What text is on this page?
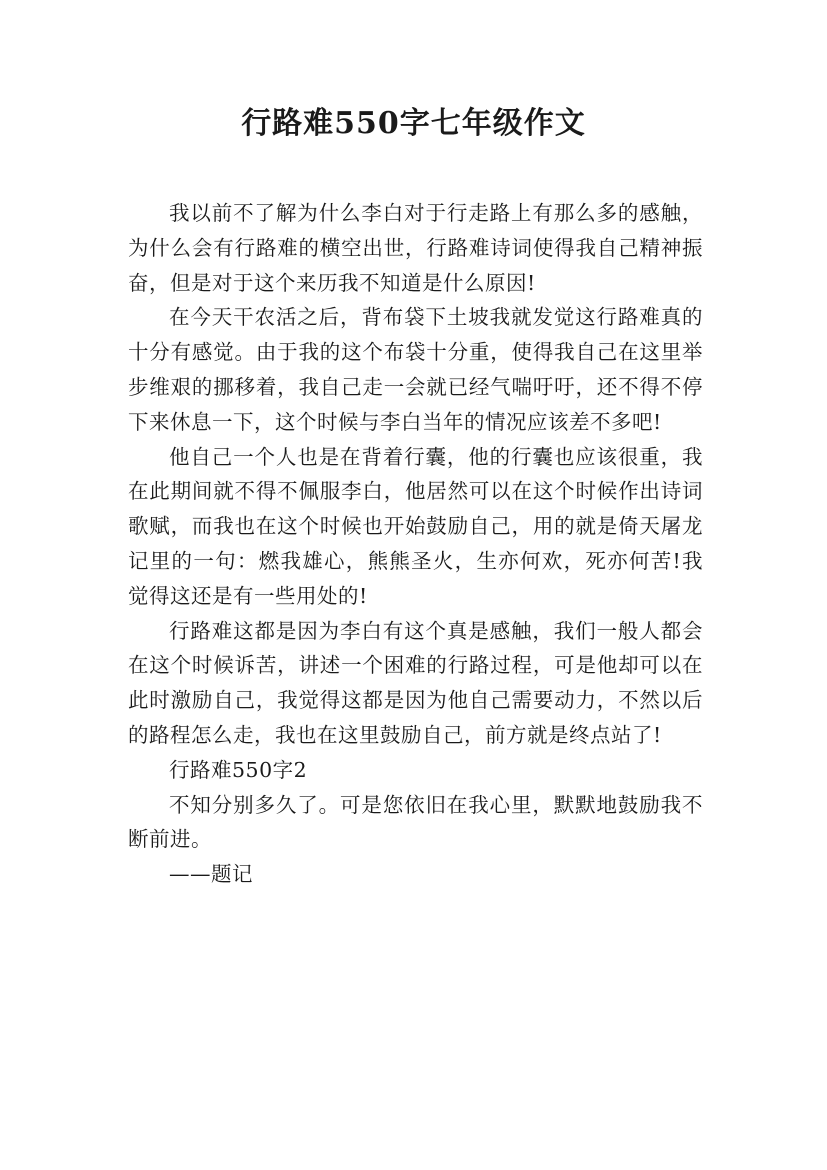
行路难550字七年级作文

我以前不了解为什么李白对于行走路上有那么多的感触，为什么会有行路难的横空出世，行路难诗词使得我自己精神振奋，但是对于这个来历我不知道是什么原因!

在今天干农活之后，背布袋下土坡我就发觉这行路难真的十分有感觉。由于我的这个布袋十分重，使得我自己在这里举步维艰的挪移着，我自己走一会就已经气喘吁吁，还不得不停下来休息一下，这个时候与李白当年的情况应该差不多吧!

他自己一个人也是在背着行囊，他的行囊也应该很重，我在此期间就不得不佩服李白，他居然可以在这个时候作出诗词歌赋，而我也在这个时候也开始鼓励自己，用的就是倚天屠龙记里的一句：燃我雄心，熊熊圣火，生亦何欢，死亦何苦!我觉得这还是有一些用处的!

行路难这都是因为李白有这个真是感触，我们一般人都会在这个时候诉苦，讲述一个困难的行路过程，可是他却可以在此时激励自己，我觉得这都是因为他自己需要动力，不然以后的路程怎么走，我也在这里鼓励自己，前方就是终点站了!

行路难550字2

不知分别多久了。可是您依旧在我心里，默默地鼓励我不断前进。

——题记
